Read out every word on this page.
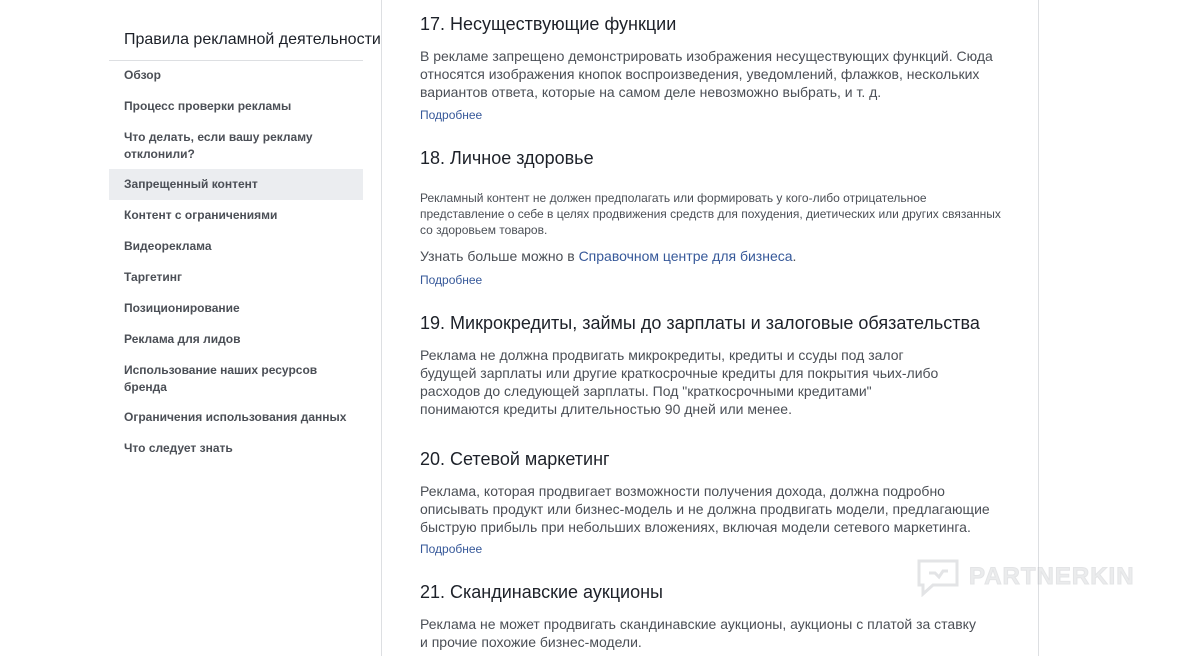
Правила рекламной деятельности
Обзор
Процесс проверки рекламы
Что делать, если вашу рекламу отклонили?
Запрещенный контент
Контент с ограничениями
Видеореклама
Таргетинг
Позиционирование
Реклама для лидов
Использование наших ресурсов бренда
Ограничения использования данных
Что следует знать
17. Несуществующие функции
В рекламе запрещено демонстрировать изображения несуществующих функций. Сюда относятся изображения кнопок воспроизведения, уведомлений, флажков, нескольких вариантов ответа, которые на самом деле невозможно выбрать, и т. д.
Подробнее
18. Личное здоровье
Рекламный контент не должен предполагать или формировать у кого-либо отрицательное представление о себе в целях продвижения средств для похудения, диетических или других связанных со здоровьем товаров.
Узнать больше можно в Справочном центре для бизнеса.
Подробнее
19. Микрокредиты, займы до зарплаты и залоговые обязательства
Реклама не должна продвигать микрокредиты, кредиты и ссуды под залог будущей зарплаты или другие краткосрочные кредиты для покрытия чьих-либо расходов до следующей зарплаты. Под "краткосрочными кредитами" понимаются кредиты длительностью 90 дней или менее.
20. Сетевой маркетинг
Реклама, которая продвигает возможности получения дохода, должна подробно описывать продукт или бизнес-модель и не должна продвигать модели, предлагающие быструю прибыль при небольших вложениях, включая модели сетевого маркетинга.
Подробнее
21. Скандинавские аукционы
Реклама не может продвигать скандинавские аукционы, аукционы с платой за ставку и прочие похожие бизнес-модели.
PARTNERKIN
